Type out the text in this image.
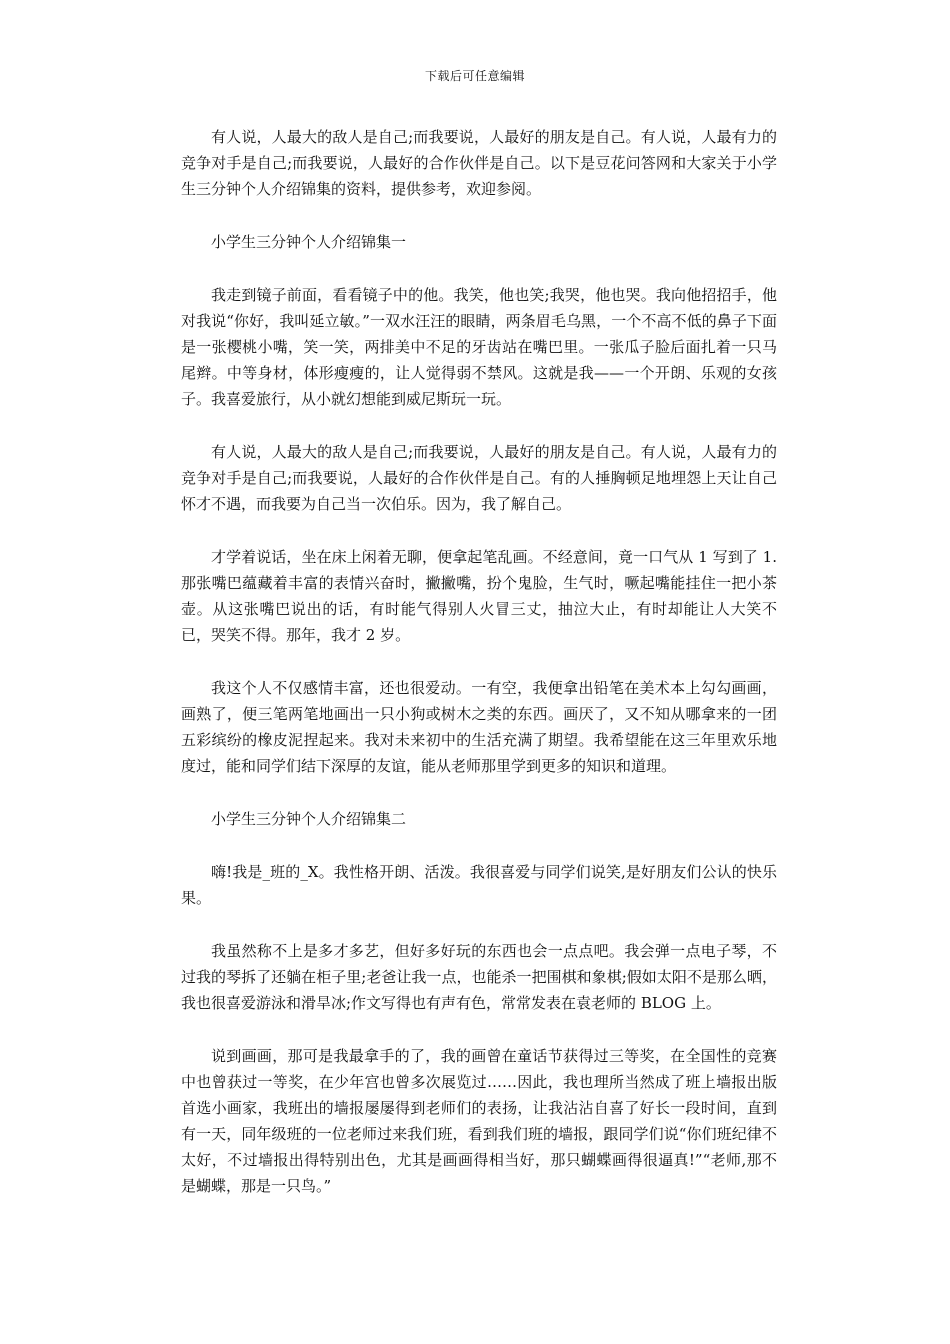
下载后可任意编辑

有人说，人最大的敌人是自己;而我要说，人最好的朋友是自己。有人说，人最有力的竞争对手是自己;而我要说，人最好的合作伙伴是自己。以下是豆花问答网和大家关于小学生三分钟个人介绍锦集的资料，提供参考，欢迎参阅。

小学生三分钟个人介绍锦集一

我走到镜子前面，看看镜子中的他。我笑，他也笑;我哭，他也哭。我向他招招手，他对我说“你好，我叫延立敏。”一双水汪汪的眼睛，两条眉毛乌黑，一个不高不低的鼻子下面是一张樱桃小嘴，笑一笑，两排美中不足的牙齿站在嘴巴里。一张瓜子脸后面扎着一只马尾辫。中等身材，体形瘦瘦的，让人觉得弱不禁风。这就是我——一个开朗、乐观的女孩子。我喜爱旅行，从小就幻想能到威尼斯玩一玩。

有人说，人最大的敌人是自己;而我要说，人最好的朋友是自己。有人说，人最有力的竞争对手是自己;而我要说，人最好的合作伙伴是自己。有的人捶胸顿足地埋怨上天让自己怀才不遇，而我要为自己当一次伯乐。因为，我了解自己。

才学着说话，坐在床上闲着无聊，便拿起笔乱画。不经意间，竟一口气从 1 写到了 1. 那张嘴巴蕴藏着丰富的表情兴奋时，撇撇嘴，扮个鬼脸，生气时，噘起嘴能挂住一把小茶壶。从这张嘴巴说出的话，有时能气得别人火冒三丈，抽泣大止，有时却能让人大笑不已，哭笑不得。那年，我才 2 岁。

我这个人不仅感情丰富，还也很爱动。一有空，我便拿出铅笔在美术本上勾勾画画，画熟了，便三笔两笔地画出一只小狗或树木之类的东西。画厌了，又不知从哪拿来的一团五彩缤纷的橡皮泥捏起来。我对未来初中的生活充满了期望。我希望能在这三年里欢乐地度过，能和同学们结下深厚的友谊，能从老师那里学到更多的知识和道理。

小学生三分钟个人介绍锦集二

嗨!我是_班的_X。我性格开朗、活泼。我很喜爱与同学们说笑,是好朋友们公认的快乐果。

我虽然称不上是多才多艺，但好多好玩的东西也会一点点吧。我会弹一点电子琴，不过我的琴拆了还躺在柜子里;老爸让我一点，也能杀一把围棋和象棋;假如太阳不是那么晒，我也很喜爱游泳和滑旱冰;作文写得也有声有色，常常发表在袁老师的 BLOG 上。

说到画画，那可是我最拿手的了，我的画曾在童话节获得过三等奖，在全国性的竞赛中也曾获过一等奖，在少年宫也曾多次展览过……因此，我也理所当然成了班上墙报出版首选小画家，我班出的墙报屡屡得到老师们的表扬，让我沾沾自喜了好长一段时间，直到有一天，同年级班的一位老师过来我们班，看到我们班的墙报，跟同学们说“你们班纪律不太好，不过墙报出得特别出色，尤其是画画得相当好，那只蝴蝶画得很逼真!”“老师,那不是蝴蝶，那是一只鸟。”
